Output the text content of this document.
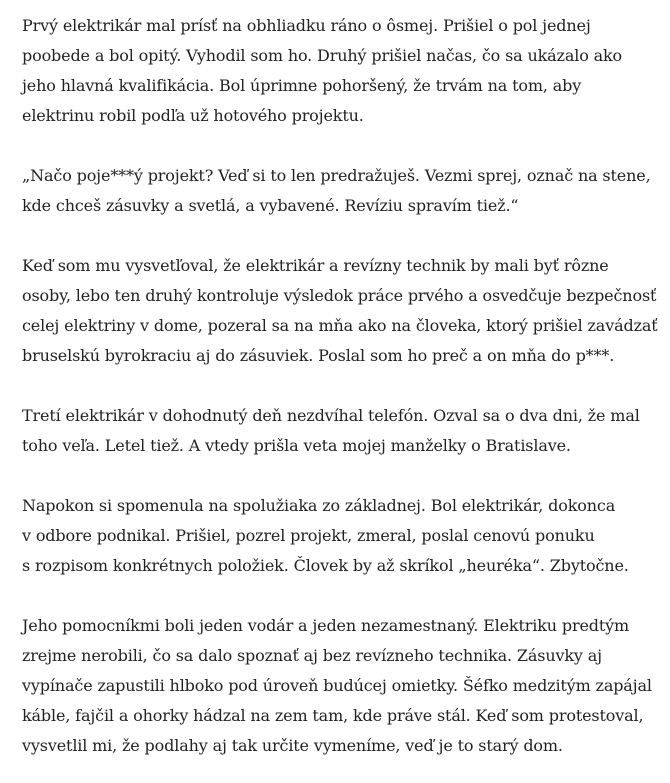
Prvý elektrikár mal prísť na obhliadku ráno o ôsmej. Prišiel o pol jednej
poobede a bol opitý. Vyhodil som ho. Druhý prišiel načas, čo sa ukázalo ako
jeho hlavná kvalifikácia. Bol úprimne pohoršený, že trvám na tom, aby
elektrinu robil podľa už hotového projektu.

„Načo poje***ý projekt? Veď si to len predražuješ. Vezmi sprej, označ na stene,
kde chceš zásuvky a svetlá, a vybavené. Revíziu spravím tiež.“

Keď som mu vysvetľoval, že elektrikár a revízny technik by mali byť rôzne
osoby, lebo ten druhý kontroluje výsledok práce prvého a osvedčuje bezpečnosť
celej elektriny v dome, pozeral sa na mňa ako na človeka, ktorý prišiel zavádzať
bruselskú byrokraciu aj do zásuviek. Poslal som ho preč a on mňa do p***.

Tretí elektrikár v dohodnutý deň nezdvíhal telefón. Ozval sa o dva dni, že mal
toho veľa. Letel tiež. A vtedy prišla veta mojej manželky o Bratislave.

Napokon si spomenula na spolužiaka zo základnej. Bol elektrikár, dokonca
v odbore podnikal. Prišiel, pozrel projekt, zmeral, poslal cenovú ponuku
s rozpisom konkrétnych položiek. Človek by až skríkol „heuréka“. Zbytočne.

Jeho pomocníkmi boli jeden vodár a jeden nezamestnaný. Elektriku predtým
zrejme nerobili, čo sa dalo spoznať aj bez revízneho technika. Zásuvky aj
vypínače zapustili hlboko pod úroveň budúcej omietky. Šéfko medzitým zapájal
káble, fajčil a ohorky hádzal na zem tam, kde práve stál. Keď som protestoval,
vysvetlil mi, že podlahy aj tak určite vymeníme, veď je to starý dom.
